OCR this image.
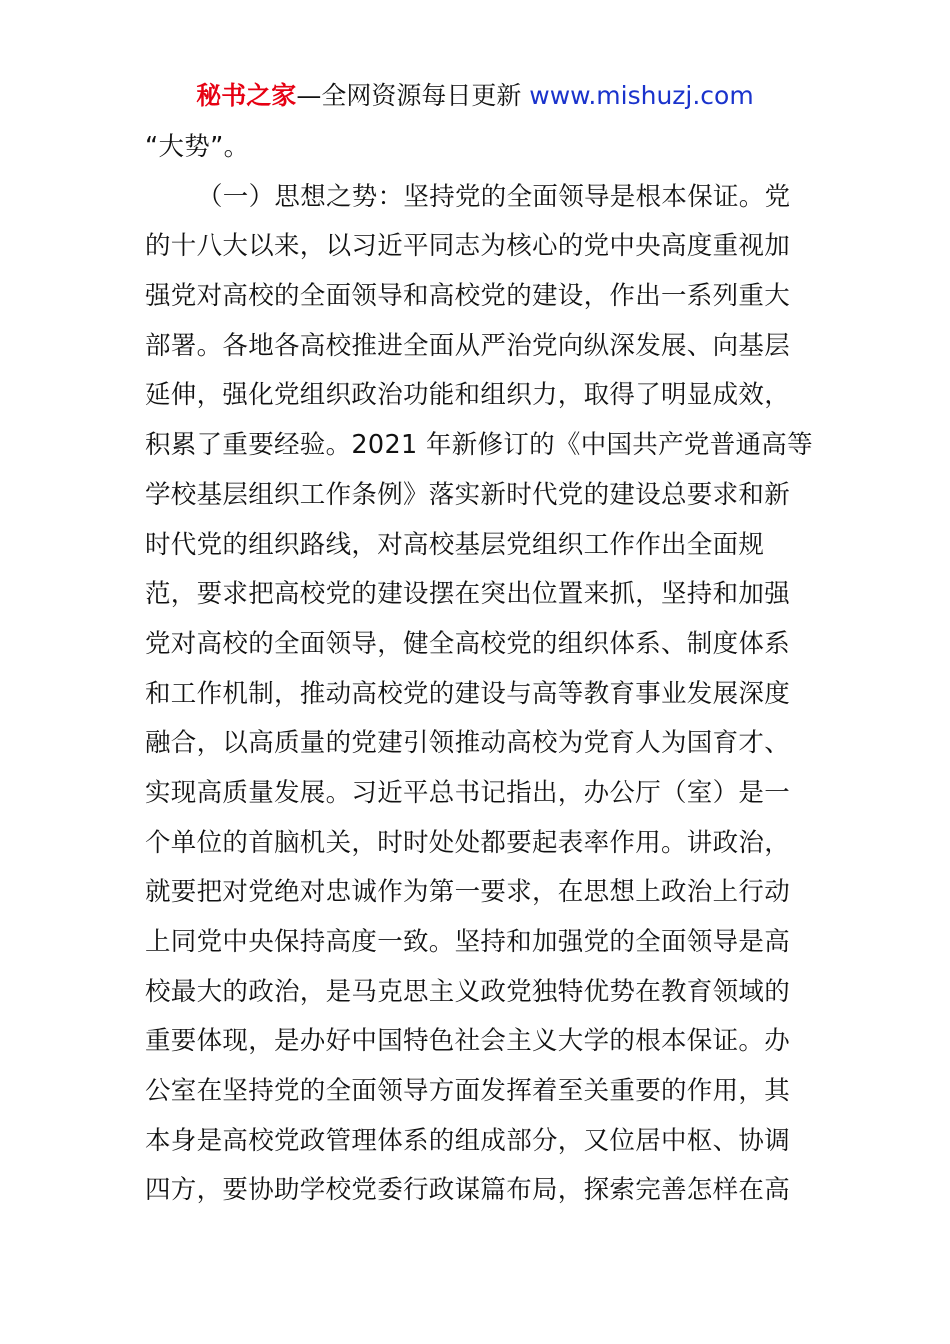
秘书之家—全网资源每日更新 www.mishuzj.com
“大势”。
（一）思想之势：坚持党的全面领导是根本保证。党
的十八大以来，以习近平同志为核心的党中央高度重视加
强党对高校的全面领导和高校党的建设，作出一系列重大
部署。各地各高校推进全面从严治党向纵深发展、向基层
延伸，强化党组织政治功能和组织力，取得了明显成效，
积累了重要经验。2021 年新修订的《中国共产党普通高等
学校基层组织工作条例》落实新时代党的建设总要求和新
时代党的组织路线，对高校基层党组织工作作出全面规
范，要求把高校党的建设摆在突出位置来抓，坚持和加强
党对高校的全面领导，健全高校党的组织体系、制度体系
和工作机制，推动高校党的建设与高等教育事业发展深度
融合，以高质量的党建引领推动高校为党育人为国育才、
实现高质量发展。习近平总书记指出，办公厅（室）是一
个单位的首脑机关，时时处处都要起表率作用。讲政治，
就要把对党绝对忠诚作为第一要求，在思想上政治上行动
上同党中央保持高度一致。坚持和加强党的全面领导是高
校最大的政治，是马克思主义政党独特优势在教育领域的
重要体现，是办好中国特色社会主义大学的根本保证。办
公室在坚持党的全面领导方面发挥着至关重要的作用，其
本身是高校党政管理体系的组成部分，又位居中枢、协调
四方，要协助学校党委行政谋篇布局，探索完善怎样在高
